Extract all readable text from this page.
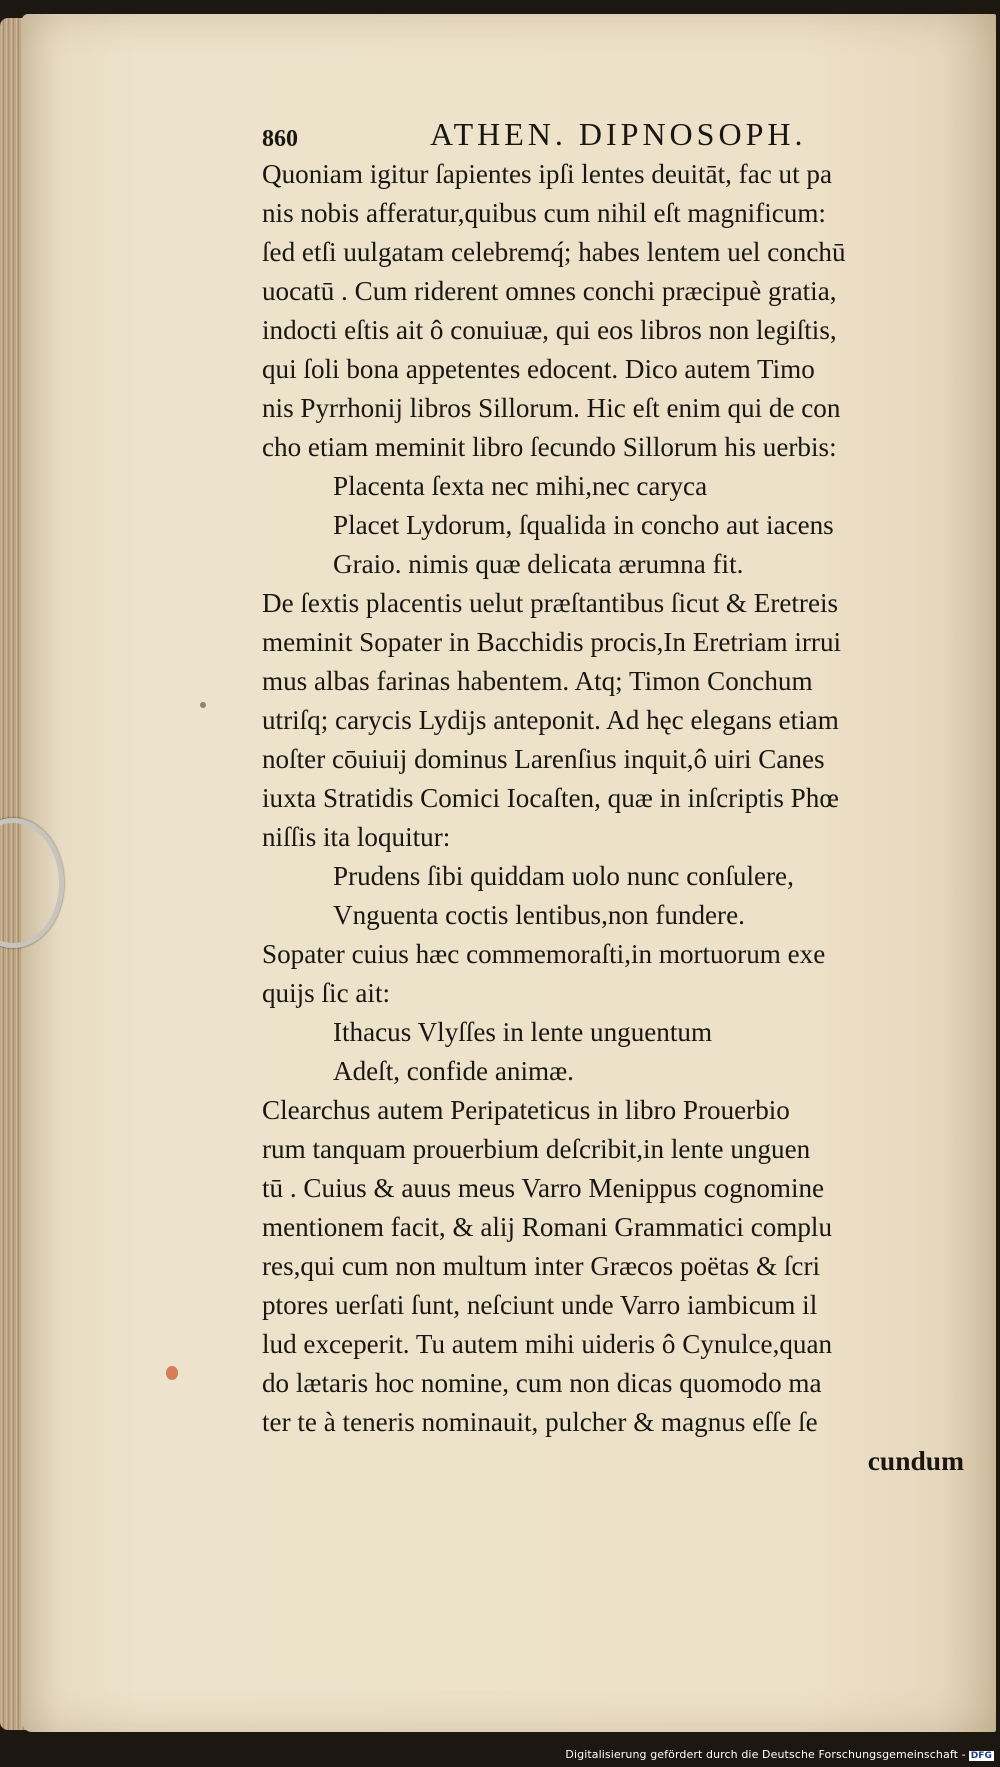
860	ATHEN. DIPNOSOPH.
Quoniam igitur ſapientes ipſi lentes deuitāt, fac ut pa
nis nobis afferatur,quibus cum nihil eſt magnificum:
ſed etſi uulgatam celebremq́; habes lentem uel conchū
uocatū . Cum riderent omnes conchi præcipuè gratia,
indocti eſtis ait ô conuiuæ, qui eos libros non legiſtis,
qui ſoli bona appetentes edocent. Dico autem Timo
nis Pyrrhonij libros Sillorum. Hic eſt enim qui de con
cho etiam meminit libro ſecundo Sillorum his uerbis:
Placenta ſexta nec mihi,nec caryca
Placet Lydorum, ſqualida in concho aut iacens
Graio. nimis quæ delicata ærumna fit.
De ſextis placentis uelut præſtantibus ſicut & Eretreis
meminit Sopater in Bacchidis procis,In Eretriam irrui
mus albas farinas habentem. Atq; Timon Conchum
utriſq; carycis Lydijs anteponit. Ad hęc elegans etiam
noſter cōuiuij dominus Larenſius inquit,ô uiri Canes
iuxta Stratidis Comici Iocaſten, quæ in inſcriptis Phœ
niſſis ita loquitur:
Prudens ſibi quiddam uolo nunc conſulere,
Vnguenta coctis lentibus,non fundere.
Sopater cuius hæc commemoraſti,in mortuorum exe
quijs ſic ait:
Ithacus Vlyſſes in lente unguentum
Adeſt, confide animæ.
Clearchus autem Peripateticus in libro Prouerbio
rum tanquam prouerbium deſcribit,in lente unguen
tū . Cuius & auus meus Varro Menippus cognomine
mentionem facit, & alij Romani Grammatici complu
res,qui cum non multum inter Græcos poëtas & ſcri
ptores uerſati ſunt, neſciunt unde Varro iambicum il
lud exceperit. Tu autem mihi uideris ô Cynulce,quan
do lætaris hoc nomine, cum non dicas quomodo ma
ter te à teneris nominauit, pulcher & magnus eſſe ſe
cundum
Digitalisierung gefördert durch die Deutsche Forschungsgemeinschaft - DFG
